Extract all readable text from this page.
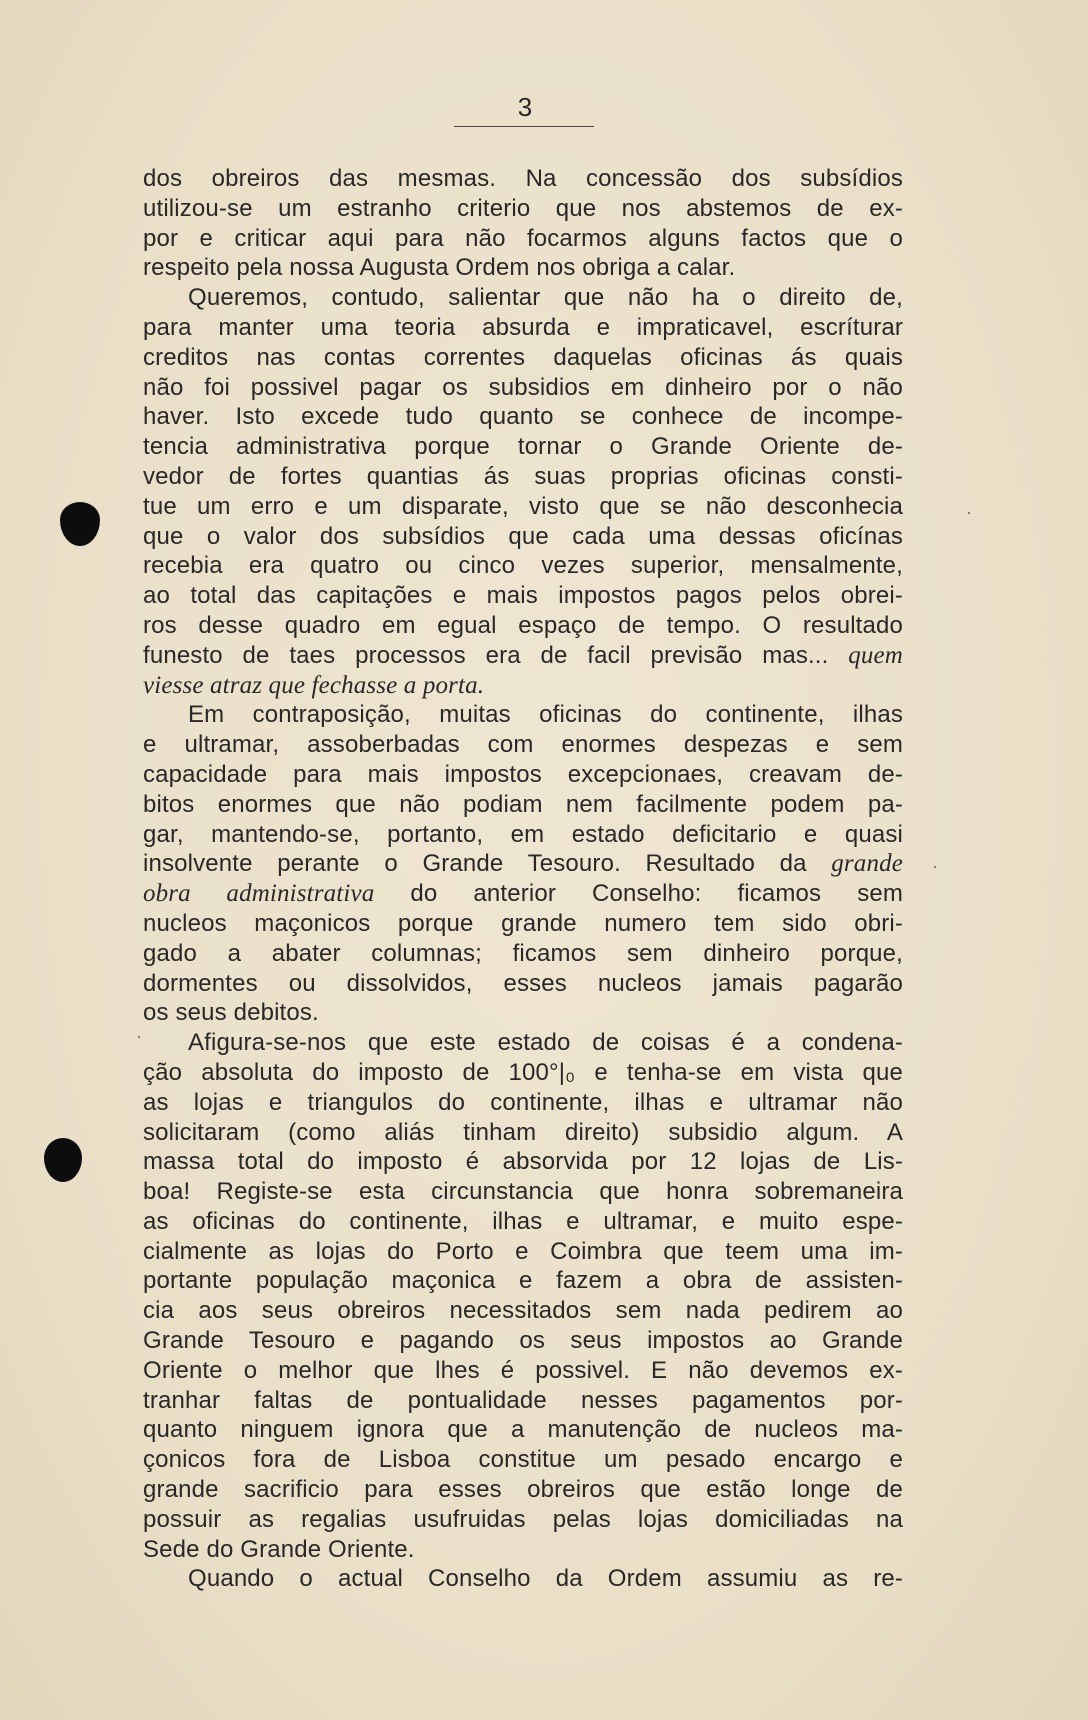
3
dos obreiros das mesmas. Na concessão dos subsídios
utilizou-se um estranho criterio que nos abstemos de ex-
por e criticar aqui para não focarmos alguns factos que o
respeito pela nossa Augusta Ordem nos obriga a calar.
Queremos, contudo, salientar que não ha o direito de,
para manter uma teoria absurda e impraticavel, escríturar
creditos nas contas correntes daquelas oficinas ás quais
não foi possivel pagar os subsidios em dinheiro por o não
haver. Isto excede tudo quanto se conhece de incompe-
tencia administrativa porque tornar o Grande Oriente de-
vedor de fortes quantias ás suas proprias oficinas consti-
tue um erro e um disparate, visto que se não desconhecia
que o valor dos subsídios que cada uma dessas oficínas
recebia era quatro ou cinco vezes superior, mensalmente,
ao total das capitações e mais impostos pagos pelos obrei-
ros desse quadro em egual espaço de tempo. O resultado
funesto de taes processos era de facil previsão mas... quem
viesse atraz que fechasse a porta.
Em contraposição, muitas oficinas do continente, ilhas
e ultramar, assoberbadas com enormes despezas e sem
capacidade para mais impostos excepcionaes, creavam de-
bitos enormes que não podiam nem facilmente podem pa-
gar, mantendo-se, portanto, em estado deficitario e quasi
insolvente perante o Grande Tesouro. Resultado da grande
obra administrativa do anterior Conselho: ficamos sem
nucleos maçonicos porque grande numero tem sido obri-
gado a abater columnas; ficamos sem dinheiro porque,
dormentes ou dissolvidos, esses nucleos jamais pagarão
os seus debitos.
Afigura-se-nos que este estado de coisas é a condena-
ção absoluta do imposto de 100°|₀ e tenha-se em vista que
as lojas e triangulos do continente, ilhas e ultramar não
solicitaram (como aliás tinham direito) subsidio algum. A
massa total do imposto é absorvida por 12 lojas de Lis-
boa! Registe-se esta circunstancia que honra sobremaneira
as oficinas do continente, ilhas e ultramar, e muito espe-
cialmente as lojas do Porto e Coimbra que teem uma im-
portante população maçonica e fazem a obra de assisten-
cia aos seus obreiros necessitados sem nada pedirem ao
Grande Tesouro e pagando os seus impostos ao Grande
Oriente o melhor que lhes é possivel. E não devemos ex-
tranhar faltas de pontualidade nesses pagamentos por-
quanto ninguem ignora que a manutenção de nucleos ma-
çonicos fora de Lisboa constitue um pesado encargo e
grande sacrificio para esses obreiros que estão longe de
possuir as regalias usufruidas pelas lojas domiciliadas na
Sede do Grande Oriente.
Quando o actual Conselho da Ordem assumiu as re-
